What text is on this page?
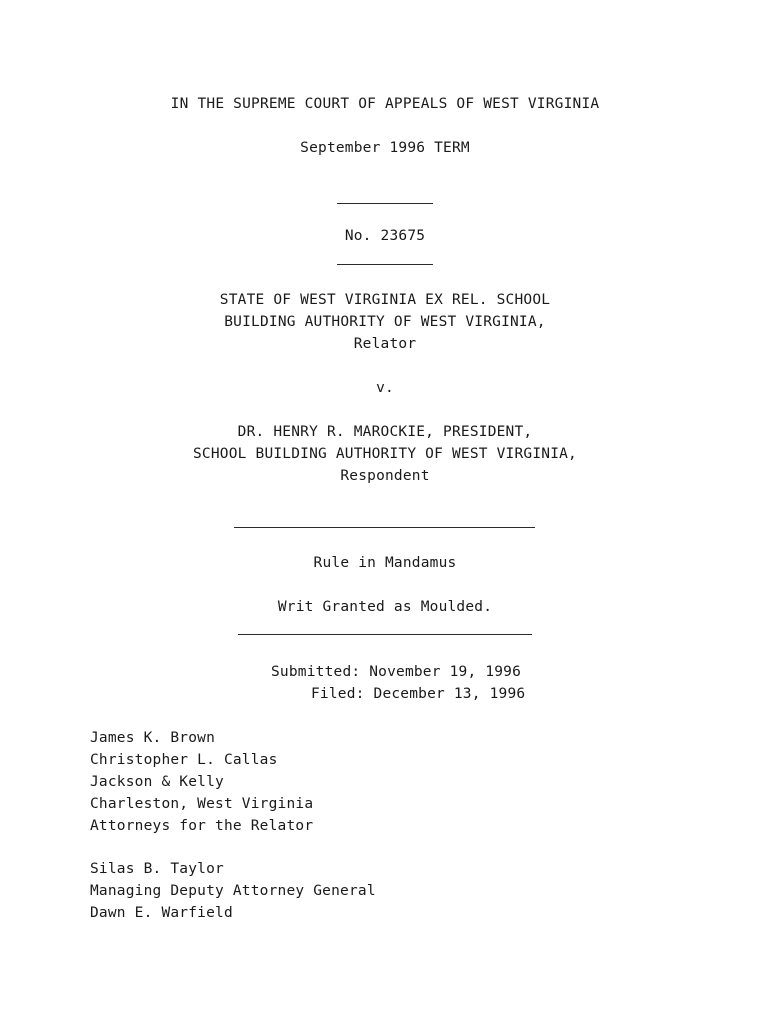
IN THE SUPREME COURT OF APPEALS OF WEST VIRGINIA
September 1996 TERM
No. 23675
STATE OF WEST VIRGINIA EX REL. SCHOOL
BUILDING AUTHORITY OF WEST VIRGINIA,
Relator
v.
DR. HENRY R. MAROCKIE, PRESIDENT,
SCHOOL BUILDING AUTHORITY OF WEST VIRGINIA,
Respondent
Rule in Mandamus
Writ Granted as Moulded.
Submitted: November 19, 1996
Filed: December 13, 1996
James K. Brown
Christopher L. Callas
Jackson & Kelly
Charleston, West Virginia
Attorneys for the Relator
Silas B. Taylor
Managing Deputy Attorney General
Dawn E. Warfield
